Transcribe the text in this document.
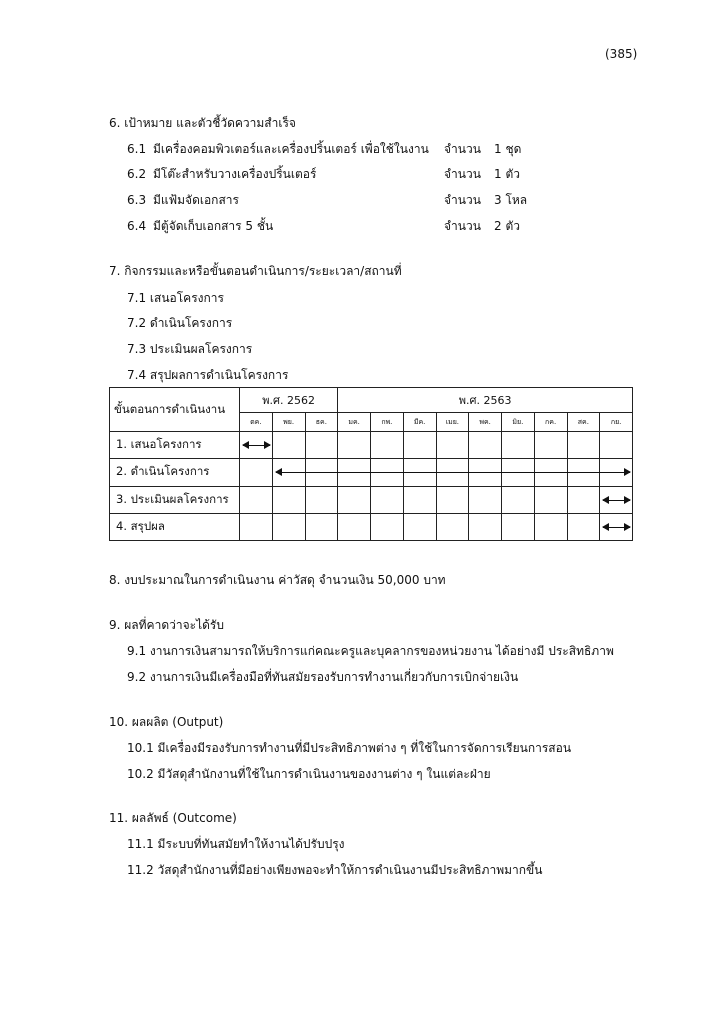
(385)
6. เป้าหมาย และตัวชี้วัดความสำเร็จ
6.1 มีเครื่องคอมพิวเตอร์และเครื่องปริ้นเตอร์ เพื่อใช้ในงาน จำนวน 1 ชุด
6.2 มีโต๊ะสำหรับวางเครื่องปริ้นเตอร์	จำนวน 1 ตัว
6.3 มีแฟ้มจัดเอกสาร	จำนวน 3 โหล
6.4 มีตู้จัดเก็บเอกสาร 5 ชั้น	จำนวน 2 ตัว
7. กิจกรรมและหรือขั้นตอนดำเนินการ/ระยะเวลา/สถานที่
7.1 เสนอโครงการ
7.2 ดำเนินโครงการ
7.3 ประเมินผลโครงการ
7.4 สรุปผลการดำเนินโครงการ
ขั้นตอนการดำเนินงาน	พ.ศ. 2562			พ.ศ. 2563								
	ตค.	พย.	ธค.	มค.	กพ.	มีค.	เมย.	พค.	มิย.	กค.	สค.	กย.
1. เสนอโครงการ	

2. ดำเนินโครงการ		

3. ประเมินผลโครงการ												

4. สรุปผล												
8. งบประมาณในการดำเนินงาน ค่าวัสดุ จำนวนเงิน 50,000 บาท
9. ผลที่คาดว่าจะได้รับ
9.1 งานการเงินสามารถให้บริการแก่คณะครูและบุคลากรของหน่วยงาน ได้อย่างมี ประสิทธิภาพ
9.2 งานการเงินมีเครื่องมือที่ทันสมัยรองรับการทำงานเกี่ยวกับการเบิกจ่ายเงิน
10. ผลผลิต (Output)
10.1 มีเครื่องมีรองรับการทำงานที่มีประสิทธิภาพต่าง ๆ ที่ใช้ในการจัดการเรียนการสอน
10.2 มีวัสดุสำนักงานที่ใช้ในการดำเนินงานของงานต่าง ๆ ในแต่ละฝ่าย
11. ผลลัพธ์ (Outcome)
11.1 มีระบบที่ทันสมัยทำให้งานได้ปรับปรุง
11.2 วัสดุสำนักงานที่มีอย่างเพียงพอจะทำให้การดำเนินงานมีประสิทธิภาพมากขึ้น
